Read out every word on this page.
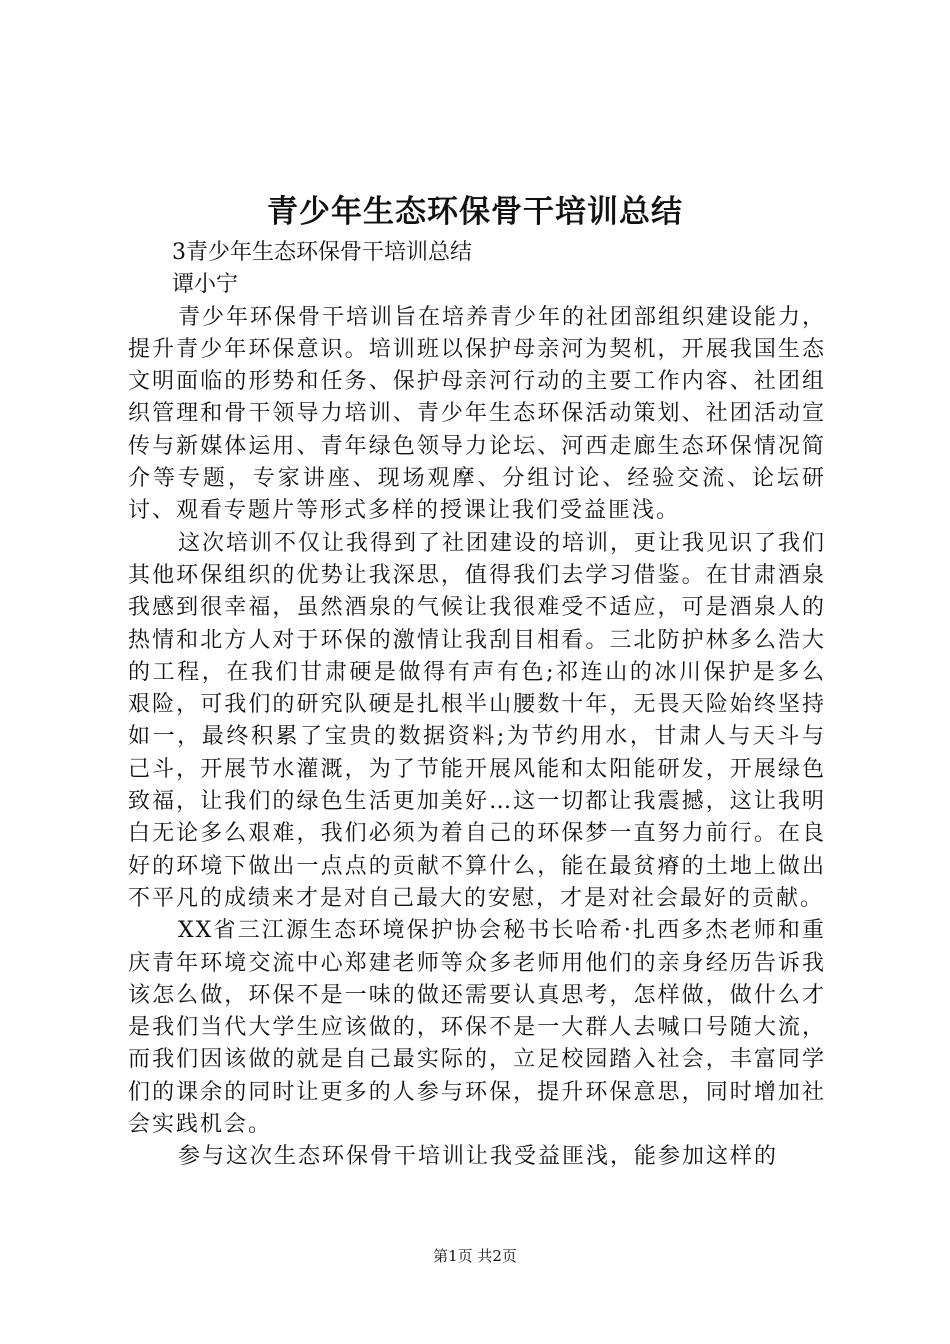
青少年生态环保骨干培训总结
3青少年生态环保骨干培训总结
谭小宁

青少年环保骨干培训旨在培养青少年的社团部组织建设能力，提升青少年环保意识。培训班以保护母亲河为契机，开展我国生态文明面临的形势和任务、保护母亲河行动的主要工作内容、社团组织管理和骨干领导力培训、青少年生态环保活动策划、社团活动宣传与新媒体运用、青年绿色领导力论坛、河西走廊生态环保情况简介等专题，专家讲座、现场观摩、分组讨论、经验交流、论坛研讨、观看专题片等形式多样的授课让我们受益匪浅。

这次培训不仅让我得到了社团建设的培训，更让我见识了我们其他环保组织的优势让我深思，值得我们去学习借鉴。在甘肃酒泉我感到很幸福，虽然酒泉的气候让我很难受不适应，可是酒泉人的热情和北方人对于环保的激情让我刮目相看。三北防护林多么浩大的工程，在我们甘肃硬是做得有声有色;祁连山的冰川保护是多么艰险，可我们的研究队硬是扎根半山腰数十年，无畏天险始终坚持如一，最终积累了宝贵的数据资料;为节约用水，甘肃人与天斗与己斗，开展节水灌溉，为了节能开展风能和太阳能研发，开展绿色致福，让我们的绿色生活更加美好…这一切都让我震撼，这让我明白无论多么艰难，我们必须为着自己的环保梦一直努力前行。在良好的环境下做出一点点的贡献不算什么，能在最贫瘠的土地上做出不平凡的成绩来才是对自己最大的安慰，才是对社会最好的贡献。

XX省三江源生态环境保护协会秘书长哈希·扎西多杰老师和重庆青年环境交流中心郑建老师等众多老师用他们的亲身经历告诉我该怎么做，环保不是一味的做还需要认真思考，怎样做，做什么才是我们当代大学生应该做的，环保不是一大群人去喊口号随大流，而我们因该做的就是自己最实际的，立足校园踏入社会，丰富同学们的课余的同时让更多的人参与环保，提升环保意思，同时增加社会实践机会。

参与这次生态环保骨干培训让我受益匪浅，能参加这样的

第1页 共2页
